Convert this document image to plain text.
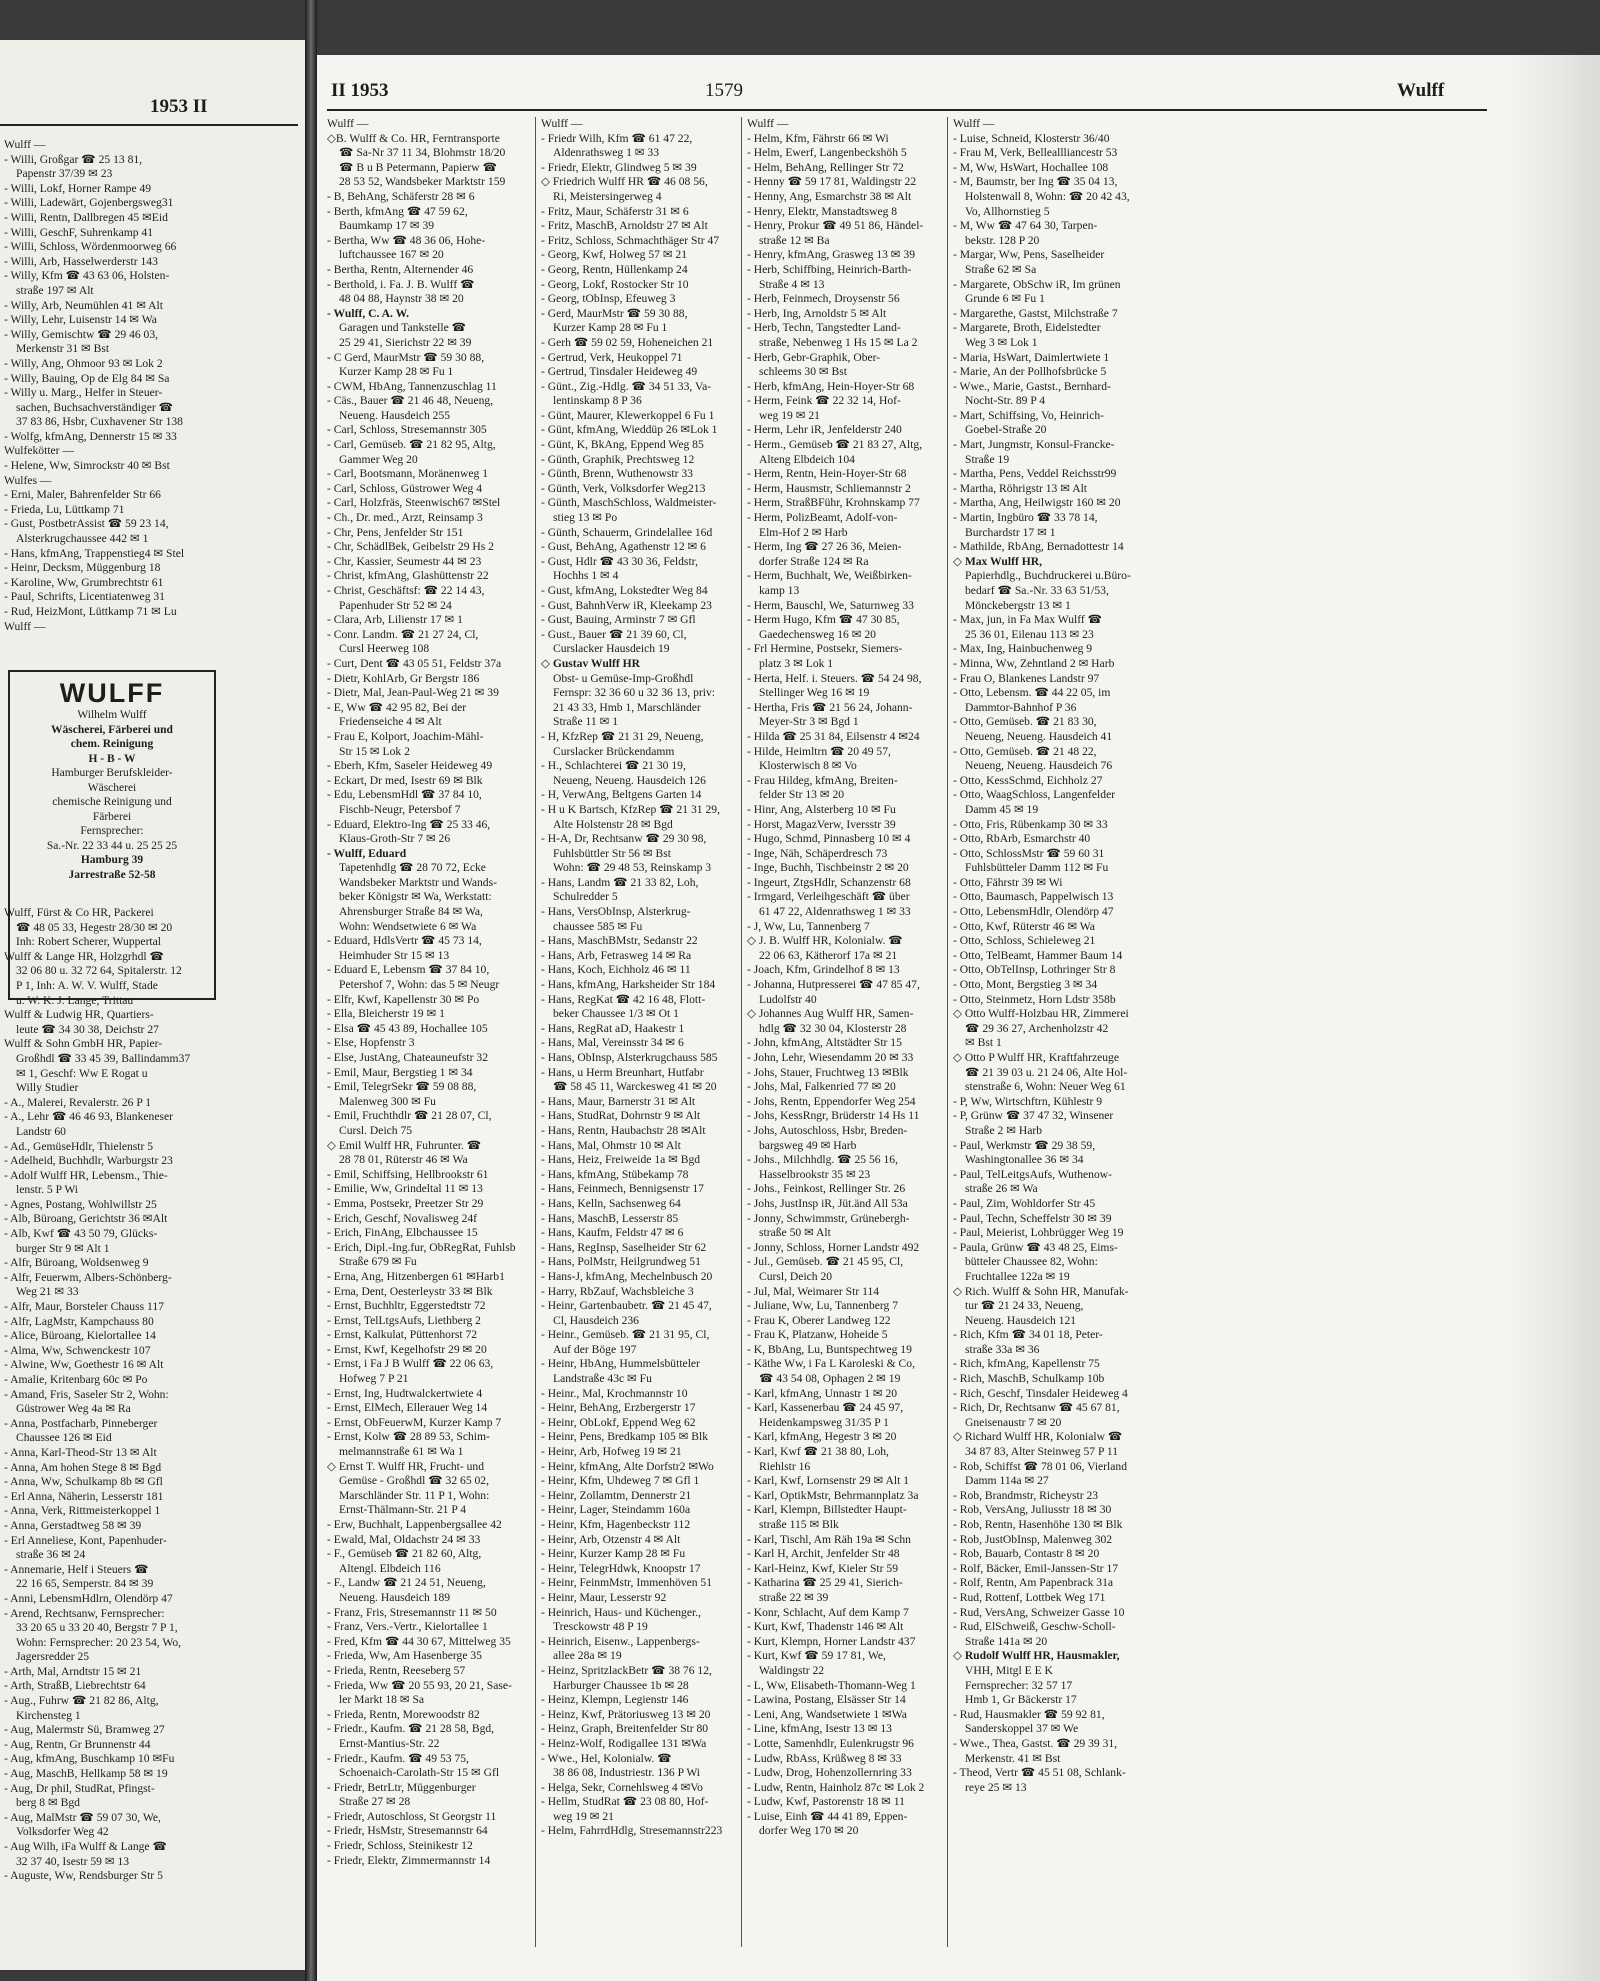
1953 II
Wulff —
- Willi, Großgar ☎ 25 13 81,
Papenstr 37/39 ✉ 23
- Willi, Lokf, Horner Rampe 49
- Willi, Ladewärt, Gojenbergsweg31
- Willi, Rentn, Dallbregen 45 ✉Eid
- Willi, GeschF, Suhrenkamp 41
- Willi, Schloss, Wördenmoorweg 66
- Willi, Arb, Hasselwerderstr 143
- Willy, Kfm ☎ 43 63 06, Holsten-
straße 197 ✉ Alt
- Willy, Arb, Neumühlen 41 ✉ Alt
- Willy, Lehr, Luisenstr 14 ✉ Wa
- Willy, Gemischtw ☎ 29 46 03,
Merkenstr 31 ✉ Bst
- Willy, Ang, Ohmoor 93 ✉ Lok 2
- Willy, Bauing, Op de Elg 84 ✉ Sa
- Willy u. Marg., Helfer in Steuer-
sachen, Buchsachverständiger ☎
37 83 86, Hsbr, Cuxhavener Str 138
- Wolfg, kfmAng, Dennerstr 15 ✉ 33
Wulfekötter —
- Helene, Ww, Simrockstr 40 ✉ Bst
Wulfes —
- Erni, Maler, Bahrenfelder Str 66
- Frieda, Lu, Lüttkamp 71
- Gust, PostbetrAssist ☎ 59 23 14,
Alsterkrugchaussee 442 ✉ 1
- Hans, kfmAng, Trappenstieg4 ✉ Stel
- Heinr, Decksm, Müggenburg 18
- Karoline, Ww, Grumbrechtstr 61
- Paul, Schrifts, Licentiatenweg 31
- Rud, HeizMont, Lüttkamp 71 ✉ Lu
Wulff —
WULFF
Wilhelm Wulff
Wäscherei, Färberei und
chem. Reinigung
H - B - W
Hamburger Berufskleider-
Wäscherei
chemische Reinigung und
Färberei
Fernsprecher:
Sa.-Nr. 22 33 44 u. 25 25 25
Hamburg 39
Jarrestraße 52-58
Wulff, Fürst & Co HR, Packerei
☎ 48 05 33, Hegestr 28/30 ✉ 20
Inh: Robert Scherer, Wuppertal
Wulff & Lange HR, Holzgrhdl ☎
32 06 80 u. 32 72 64, Spitalerstr. 12
P 1, Inh: A. W. V. Wulff, Stade
u. W. K. J. Lange, Trittau
Wulff & Ludwig HR, Quartiers-
leute ☎ 34 30 38, Deichstr 27
Wulff & Sohn GmbH HR, Papier-
Großhdl ☎ 33 45 39, Ballindamm37
✉ 1, Geschf: Ww E Rogat u
Willy Studier
- A., Malerei, Revalerstr. 26 P 1
- A., Lehr ☎ 46 46 93, Blankeneser
Landstr 60
- Ad., GemüseHdlr, Thielenstr 5
- Adelheid, Buchhdlr, Warburgstr 23
- Adolf Wulff HR, Lebensm., Thie-
lenstr. 5 P Wi
- Agnes, Postang, Wohlwillstr 25
- Alb, Büroang, Gerichtstr 36 ✉Alt
- Alb, Kwf ☎ 43 50 79, Glücks-
burger Str 9 ✉ Alt 1
- Alfr, Büroang, Woldsenweg 9
- Alfr, Feuerwm, Albers-Schönberg-
Weg 21 ✉ 33
- Alfr, Maur, Borsteler Chauss 117
- Alfr, LagMstr, Kampchauss 80
- Alice, Büroang, Kielortallee 14
- Alma, Ww, Schwenckestr 107
- Alwine, Ww, Goethestr 16 ✉ Alt
- Amalie, Kritenbarg 60c ✉ Po
- Amand, Fris, Saseler Str 2, Wohn:
Güstrower Weg 4a ✉ Ra
- Anna, Postfacharb, Pinneberger
Chaussee 126 ✉ Eid
- Anna, Karl-Theod-Str 13 ✉ Alt
- Anna, Am hohen Stege 8 ✉ Bgd
- Anna, Ww, Schulkamp 8b ✉ Gfl
- Erl Anna, Näherin, Lesserstr 181
- Anna, Verk, Rittmeisterkoppel 1
- Anna, Gerstadtweg 58 ✉ 39
- Erl Anneliese, Kont, Papenhuder-
straße 36 ✉ 24
- Annemarie, Helf i Steuers ☎
22 16 65, Semperstr. 84 ✉ 39
- Anni, LebensmHdlrn, Olendörp 47
- Arend, Rechtsanw, Fernsprecher:
33 20 65 u 33 20 40, Bergstr 7 P 1,
Wohn: Fernsprecher: 20 23 54, Wo,
Jagersredder 25
- Arth, Mal, Arndtstr 15 ✉ 21
- Arth, StraßB, Liebrechtstr 64
- Aug., Fuhrw ☎ 21 82 86, Altg,
Kirchensteg 1
- Aug, Malermstr Sü, Bramweg 27
- Aug, Rentn, Gr Brunnenstr 44
- Aug, kfmAng, Buschkamp 10 ✉Fu
- Aug, MaschB, Hellkamp 58 ✉ 19
- Aug, Dr phil, StudRat, Pfingst-
berg 8 ✉ Bgd
- Aug, MalMstr ☎ 59 07 30, We,
Volksdorfer Weg 42
- Aug Wilh, iFa Wulff & Lange ☎
32 37 40, Isestr 59 ✉ 13
- Auguste, Ww, Rendsburger Str 5
II 1953	1579	Wulff
Wulff —
◇B. Wulff & Co. HR, Ferntransporte
☎ Sa-Nr 37 11 34, Blohmstr 18/20
☎ B u B Petermann, Papierw ☎
28 53 52, Wandsbeker Marktstr 159
- B, BehAng, Schäferstr 28 ✉ 6
- Berth, kfmAng ☎ 47 59 62,
Baumkamp 17 ✉ 39
- Bertha, Ww ☎ 48 36 06, Hohe-
luftchaussee 167 ✉ 20
- Bertha, Rentn, Alternender 46
- Berthold, i. Fa. J. B. Wulff ☎
48 04 88, Haynstr 38 ✉ 20
- Wulff, C. A. W.
Garagen und Tankstelle ☎
25 29 41, Sierichstr 22 ✉ 39
- C Gerd, MaurMstr ☎ 59 30 88,
Kurzer Kamp 28 ✉ Fu 1
- CWM, HbAng, Tannenzuschlag 11
- Cäs., Bauer ☎ 21 46 48, Neueng,
Neueng. Hausdeich 255
- Carl, Schloss, Stresemannstr 305
- Carl, Gemüseb. ☎ 21 82 95, Altg,
Gammer Weg 20
- Carl, Bootsmann, Moränenweg 1
- Carl, Schloss, Güstrower Weg 4
- Carl, Holzfräs, Steenwisch67 ✉Stel
- Ch., Dr. med., Arzt, Reinsamp 3
- Chr, Pens, Jenfelder Str 151
- Chr, SchädlBek, Geibelstr 29 Hs 2
- Chr, Kassier, Seumestr 44 ✉ 23
- Christ, kfmAng, Glashüttenstr 22
- Christ, Geschäftsf: ☎ 22 14 43,
Papenhuder Str 52 ✉ 24
- Clara, Arb, Lilienstr 17 ✉ 1
- Conr. Landm. ☎ 21 27 24, Cl,
Cursl Heerweg 108
- Curt, Dent ☎ 43 05 51, Feldstr 37a
- Dietr, KohlArb, Gr Bergstr 186
- Dietr, Mal, Jean-Paul-Weg 21 ✉ 39
- E, Ww ☎ 42 95 82, Bei der
Friedenseiche 4 ✉ Alt
- Frau E, Kolport, Joachim-Mähl-
Str 15 ✉ Lok 2
- Eberh, Kfm, Saseler Heideweg 49
- Eckart, Dr med, Isestr 69 ✉ Blk
- Edu, LebensmHdl ☎ 37 84 10,
Fischb-Neugr, Petersbof 7
- Eduard, Elektro-Ing ☎ 25 33 46,
Klaus-Groth-Str 7 ✉ 26
- Wulff, Eduard
Tapetenhdlg ☎ 28 70 72, Ecke
Wandsbeker Marktstr und Wands-
beker Königstr ✉ Wa, Werkstatt:
Ahrensburger Straße 84 ✉ Wa,
Wohn: Wendsetwiete 6 ✉ Wa
- Eduard, HdlsVertr ☎ 45 73 14,
Heimhuder Str 15 ✉ 13
- Eduard E, Lebensm ☎ 37 84 10,
Petershof 7, Wohn: das 5 ✉ Neugr
- Elfr, Kwf, Kapellenstr 30 ✉ Po
- Ella, Bleicherstr 19 ✉ 1
- Elsa ☎ 45 43 89, Hochallee 105
- Else, Hopfenstr 3
- Else, JustAng, Chateauneufstr 32
- Emil, Maur, Bergstieg 1 ✉ 34
- Emil, TelegrSekr ☎ 59 08 88,
Malenweg 300 ✉ Fu
- Emil, Fruchthdlr ☎ 21 28 07, Cl,
Cursl. Deich 75
◇ Emil Wulff HR, Fuhrunter. ☎
28 78 01, Rüterstr 46 ✉ Wa
- Emil, Schiffsing, Hellbrookstr 61
- Emilie, Ww, Grindeltal 11 ✉ 13
- Emma, Postsekr, Preetzer Str 29
- Erich, Geschf, Novalisweg 24f
- Erich, FinAng, Elbchaussee 15
- Erich, Dipl.-Ing.fur, ObRegRat, Fuhlsb
Straße 679 ✉ Fu
- Erna, Ang, Hitzenbergen 61 ✉Harb1
- Erna, Dent, Oesterleystr 33 ✉ Blk
- Ernst, Buchhltr, Eggerstedtstr 72
- Ernst, TelLtgsAufs, Liethberg 2
- Ernst, Kalkulat, Püttenhorst 72
- Ernst, Kwf, Kegelhofstr 29 ✉ 20
- Ernst, i Fa J B Wulff ☎ 22 06 63,
Hofweg 7 P 21
- Ernst, Ing, Hudtwalckertwiete 4
- Ernst, ElMech, Ellerauer Weg 14
- Ernst, ObFeuerwM, Kurzer Kamp 7
- Ernst, Kolw ☎ 28 89 53, Schim-
melmannstraße 61 ✉ Wa 1
◇ Ernst T. Wulff HR, Frucht- und
Gemüse - Großhdl ☎ 32 65 02,
Marschländer Str. 11 P 1, Wohn:
Ernst-Thälmann-Str. 21 P 4
- Erw, Buchhalt, Lappenbergsallee 42
- Ewald, Mal, Oldachstr 24 ✉ 33
- F., Gemüseb ☎ 21 82 60, Altg,
Altengl. Elbdeich 116
- F., Landw ☎ 21 24 51, Neueng,
Neueng. Hausdeich 189
- Franz, Fris, Stresemannstr 11 ✉ 50
- Franz, Vers.-Vertr., Kielortallee 1
- Fred, Kfm ☎ 44 30 67, Mittelweg 35
- Frieda, Ww, Am Hasenberge 35
- Frieda, Rentn, Reeseberg 57
- Frieda, Ww ☎ 20 55 93, 20 21, Sase-
ler Markt 18 ✉ Sa
- Frieda, Rentn, Morewoodstr 82
- Friedr., Kaufm. ☎ 21 28 58, Bgd,
Ernst-Mantius-Str. 22
- Friedr., Kaufm. ☎ 49 53 75,
Schoenaich-Carolath-Str 15 ✉ Gfl
- Friedr, BetrLtr, Müggenburger
Straße 27 ✉ 28
- Friedr, Autoschloss, St Georgstr 11
- Friedr, HsMstr, Stresemannstr 64
- Friedr, Schloss, Steinikestr 12
- Friedr, Elektr, Zimmermannstr 14
Wulff —
- Friedr Wilh, Kfm ☎ 61 47 22,
Aldenrathsweg 1 ✉ 33
- Friedr, Elektr, Glindweg 5 ✉ 39
◇ Friedrich Wulff HR ☎ 46 08 56,
Ri, Meistersingerweg 4
- Fritz, Maur, Schäferstr 31 ✉ 6
- Fritz, MaschB, Arnoldstr 27 ✉ Alt
- Fritz, Schloss, Schmachthäger Str 47
- Georg, Kwf, Holweg 57 ✉ 21
- Georg, Rentn, Hüllenkamp 24
- Georg, Lokf, Rostocker Str 10
- Georg, tObInsp, Efeuweg 3
- Gerd, MaurMstr ☎ 59 30 88,
Kurzer Kamp 28 ✉ Fu 1
- Gerh ☎ 59 02 59, Hoheneichen 21
- Gertrud, Verk, Heukoppel 71
- Gertrud, Tinsdaler Heideweg 49
- Günt., Zig.-Hdlg. ☎ 34 51 33, Va-
lentinskamp 8 P 36
- Günt, Maurer, Klewerkoppel 6 Fu 1
- Günt, kfmAng, Wieddüp 26 ✉Lok 1
- Günt, K, BkAng, Eppend Weg 85
- Günth, Graphik, Prechtsweg 12
- Günth, Brenn, Wuthenowstr 33
- Günth, Verk, Volksdorfer Weg213
- Günth, MaschSchloss, Waldmeister-
stieg 13 ✉ Po
- Günth, Schauerm, Grindelallee 16d
- Gust, BehAng, Agathenstr 12 ✉ 6
- Gust, Hdlr ☎ 43 30 36, Feldstr,
Hochhs 1 ✉ 4
- Gust, kfmAng, Lokstedter Weg 84
- Gust, BahnhVerw iR, Kleekamp 23
- Gust, Bauing, Arminstr 7 ✉ Gfl
- Gust., Bauer ☎ 21 39 60, Cl,
Curslacker Hausdeich 19
◇ Gustav Wulff HR
Obst- u Gemüse-Imp-Großhdl
Fernspr: 32 36 60 u 32 36 13, priv:
21 43 33, Hmb 1, Marschländer
Straße 11 ✉ 1
- H, KfzRep ☎ 21 31 29, Neueng,
Curslacker Brückendamm
- H., Schlachterei ☎ 21 30 19,
Neueng, Neueng. Hausdeich 126
- H, VerwAng, Beltgens Garten 14
- H u K Bartsch, KfzRep ☎ 21 31 29,
Alte Holstenstr 28 ✉ Bgd
- H-A, Dr, Rechtsanw ☎ 29 30 98,
Fuhlsbüttler Str 56 ✉ Bst
Wohn: ☎ 29 48 53, Reinskamp 3
- Hans, Landm ☎ 21 33 82, Loh,
Schulredder 5
- Hans, VersObInsp, Alsterkrug-
chaussee 585 ✉ Fu
- Hans, MaschBMstr, Sedanstr 22
- Hans, Arb, Fetrasweg 14 ✉ Ra
- Hans, Koch, Eichholz 46 ✉ 11
- Hans, kfmAng, Harksheider Str 184
- Hans, RegKat ☎ 42 16 48, Flott-
beker Chaussee 1/3 ✉ Ot 1
- Hans, RegRat aD, Haakestr 1
- Hans, Mal, Vereinsstr 34 ✉ 6
- Hans, ObInsp, Alsterkrugchauss 585
- Hans, u Herm Breunhart, Hutfabr
☎ 58 45 11, Warckesweg 41 ✉ 20
- Hans, Maur, Barnerstr 31 ✉ Alt
- Hans, StudRat, Dohrnstr 9 ✉ Alt
- Hans, Rentn, Haubachstr 28 ✉Alt
- Hans, Mal, Ohmstr 10 ✉ Alt
- Hans, Heiz, Freiweide 1a ✉ Bgd
- Hans, kfmAng, Stübekamp 78
- Hans, Feinmech, Bennigsenstr 17
- Hans, Kelln, Sachsenweg 64
- Hans, MaschB, Lesserstr 85
- Hans, Kaufm, Feldstr 47 ✉ 6
- Hans, RegInsp, Saselheider Str 62
- Hans, PolMstr, Heilgrundweg 51
- Hans-J, kfmAng, Mechelnbusch 20
- Harry, RbZauf, Wachsbleiche 3
- Heinr, Gartenbaubetr. ☎ 21 45 47,
Cl, Hausdeich 236
- Heinr., Gemüseb. ☎ 21 31 95, Cl,
Auf der Böge 197
- Heinr, HbAng, Hummelsbütteler
Landstraße 43c ✉ Fu
- Heinr., Mal, Krochmannstr 10
- Heinr, BehAng, Erzbergerstr 17
- Heinr, ObLokf, Eppend Weg 62
- Heinr, Pens, Bredkamp 105 ✉ Blk
- Heinr, Arb, Hofweg 19 ✉ 21
- Heinr, kfmAng, Alte Dorfstr2 ✉Wo
- Heinr, Kfm, Uhdeweg 7 ✉ Gfl 1
- Heinr, Zollamtm, Dennerstr 21
- Heinr, Lager, Steindamm 160a
- Heinr, Kfm, Hagenbeckstr 112
- Heinr, Arb, Otzenstr 4 ✉ Alt
- Heinr, Kurzer Kamp 28 ✉ Fu
- Heinr, TelegrHdwk, Knoopstr 17
- Heinr, FeinmMstr, Immenhöven 51
- Heinr, Maur, Lesserstr 92
- Heinrich, Haus- und Küchenger.,
Tresckowstr 48 P 19
- Heinrich, Eisenw., Lappenbergs-
allee 28a ✉ 19
- Heinz, SpritzlackBetr ☎ 38 76 12,
Harburger Chaussee 1b ✉ 28
- Heinz, Klempn, Legienstr 146
- Heinz, Kwf, Prätoriusweg 13 ✉ 20
- Heinz, Graph, Breitenfelder Str 80
- Heinz-Wolf, Rodigallee 131 ✉Wa
- Wwe., Hel, Kolonialw. ☎
38 86 08, Industriestr. 136 P Wi
- Helga, Sekr, Cornehlsweg 4 ✉Vo
- Hellm, StudRat ☎ 23 08 80, Hof-
weg 19 ✉ 21
- Helm, FahrrdHdlg, Stresemannstr223
Wulff —
- Helm, Kfm, Fährstr 66 ✉ Wi
- Helm, Ewerf, Langenbeckshöh 5
- Helm, BehAng, Rellinger Str 72
- Henny ☎ 59 17 81, Waldingstr 22
- Henny, Ang, Esmarchstr 38 ✉ Alt
- Henry, Elektr, Manstadtsweg 8
- Henry, Prokur ☎ 49 51 86, Händel-
straße 12 ✉ Ba
- Henry, kfmAng, Grasweg 13 ✉ 39
- Herb, Schiffbing, Heinrich-Barth-
Straße 4 ✉ 13
- Herb, Feinmech, Droysenstr 56
- Herb, Ing, Arnoldstr 5 ✉ Alt
- Herb, Techn, Tangstedter Land-
straße, Nebenweg 1 Hs 15 ✉ La 2
- Herb, Gebr-Graphik, Ober-
schleems 30 ✉ Bst
- Herb, kfmAng, Hein-Hoyer-Str 68
- Herm, Feink ☎ 22 32 14, Hof-
weg 19 ✉ 21
- Herm, Lehr iR, Jenfelderstr 240
- Herm., Gemüseb ☎ 21 83 27, Altg,
Alteng Elbdeich 104
- Herm, Rentn, Hein-Hoyer-Str 68
- Herm, Hausmstr, Schliemannstr 2
- Herm, StraßBFühr, Krohnskamp 77
- Herm, PolizBeamt, Adolf-von-
Elm-Hof 2 ✉ Harb
- Herm, Ing ☎ 27 26 36, Meien-
dorfer Straße 124 ✉ Ra
- Herm, Buchhalt, We, Weißbirken-
kamp 13
- Herm, Bauschl, We, Saturnweg 33
- Herm Hugo, Kfm ☎ 47 30 85,
Gaedechensweg 16 ✉ 20
- Frl Hermine, Postsekr, Siemers-
platz 3 ✉ Lok 1
- Herta, Helf. i. Steuers. ☎ 54 24 98,
Stellinger Weg 16 ✉ 19
- Hertha, Fris ☎ 21 56 24, Johann-
Meyer-Str 3 ✉ Bgd 1
- Hilda ☎ 25 31 84, Eilsenstr 4 ✉24
- Hilde, Heimltrn ☎ 20 49 57,
Klosterwisch 8 ✉ Vo
- Frau Hildeg, kfmAng, Breiten-
felder Str 13 ✉ 20
- Hinr, Ang, Alsterberg 10 ✉ Fu
- Horst, MagazVerw, Iversstr 39
- Hugo, Schmd, Pinnasberg 10 ✉ 4
- Inge, Näh, Schäperdresch 73
- Inge, Buchh, Tischbeinstr 2 ✉ 20
- Ingeurt, ZtgsHdlr, Schanzenstr 68
- Irmgard, Verleihgeschäft ☎ über
61 47 22, Aldenrathsweg 1 ✉ 33
- J, Ww, Lu, Tannenberg 7
◇ J. B. Wulff HR, Kolonialw. ☎
22 06 63, Kätherorf 17a ✉ 21
- Joach, Kfm, Grindelhof 8 ✉ 13
- Johanna, Hutpresserei ☎ 47 85 47,
Ludolfstr 40
◇ Johannes Aug Wulff HR, Samen-
hdlg ☎ 32 30 04, Klosterstr 28
- John, kfmAng, Altstädter Str 15
- John, Lehr, Wiesendamm 20 ✉ 33
- Johs, Stauer, Fruchtweg 13 ✉Blk
- Johs, Mal, Falkenried 77 ✉ 20
- Johs, Rentn, Eppendorfer Weg 254
- Johs, KessRngr, Brüderstr 14 Hs 11
- Johs, Autoschloss, Hsbr, Breden-
bargsweg 49 ✉ Harb
- Johs., Milchhdlg. ☎ 25 56 16,
Hasselbrookstr 35 ✉ 23
- Johs., Feinkost, Rellinger Str. 26
- Johs, JustInsp iR, Jüt.änd All 53a
- Jonny, Schwimmstr, Grünebergh-
straße 50 ✉ Alt
- Jonny, Schloss, Horner Landstr 492
- Jul., Gemüseb. ☎ 21 45 95, Cl,
Cursl, Deich 20
- Jul, Mal, Weimarer Str 114
- Juliane, Ww, Lu, Tannenberg 7
- Frau K, Oberer Landweg 122
- Frau K, Platzanw, Hoheide 5
- K, BbAng, Lu, Buntspechtweg 19
- Käthe Ww, i Fa L Karoleski & Co,
☎ 43 54 08, Ophagen 2 ✉ 19
- Karl, kfmAng, Unnastr 1 ✉ 20
- Karl, Kassenerbau ☎ 24 45 97,
Heidenkampsweg 31/35 P 1
- Karl, kfmAng, Hegestr 3 ✉ 20
- Karl, Kwf ☎ 21 38 80, Loh,
Riehlstr 16
- Karl, Kwf, Lornsenstr 29 ✉ Alt 1
- Karl, OptikMstr, Behrmannplatz 3a
- Karl, Klempn, Billstedter Haupt-
straße 115 ✉ Blk
- Karl, Tischl, Am Räh 19a ✉ Schn
- Karl H, Archit, Jenfelder Str 48
- Karl-Heinz, Kwf, Kieler Str 59
- Katharina ☎ 25 29 41, Sierich-
straße 22 ✉ 39
- Konr, Schlacht, Auf dem Kamp 7
- Kurt, Kwf, Thadenstr 146 ✉ Alt
- Kurt, Klempn, Horner Landstr 437
- Kurt, Kwf ☎ 59 17 81, We,
Waldingstr 22
- L, Ww, Elisabeth-Thomann-Weg 1
- Lawina, Postang, Elsässer Str 14
- Leni, Ang, Wandsetwiete 1 ✉Wa
- Line, kfmAng, Isestr 13 ✉ 13
- Lotte, Samenhdlr, Eulenkrugstr 96
- Ludw, RbAss, Krüßweg 8 ✉ 33
- Ludw, Drog, Hohenzollernring 33
- Ludw, Rentn, Hainholz 87c ✉ Lok 2
- Ludw, Kwf, Pastorenstr 18 ✉ 11
- Luise, Einh ☎ 44 41 89, Eppen-
dorfer Weg 170 ✉ 20
Wulff —
- Luise, Schneid, Klosterstr 36/40
- Frau M, Verk, Belleallliancestr 53
- M, Ww, HsWart, Hochallee 108
- M, Baumstr, ber Ing ☎ 35 04 13,
Holstenwall 8, Wohn: ☎ 20 42 43,
Vo, Allhornstieg 5
- M, Ww ☎ 47 64 30, Tarpen-
bekstr. 128 P 20
- Margar, Ww, Pens, Saselheider
Straße 62 ✉ Sa
- Margarete, ObSchw iR, Im grünen
Grunde 6 ✉ Fu 1
- Margarethe, Gastst, Milchstraße 7
- Margarete, Broth, Eidelstedter
Weg 3 ✉ Lok 1
- Maria, HsWart, Daimlertwiete 1
- Marie, An der Pollhofsbrücke 5
- Wwe., Marie, Gastst., Bernhard-
Nocht-Str. 89 P 4
- Mart, Schiffsing, Vo, Heinrich-
Goebel-Straße 20
- Mart, Jungmstr, Konsul-Francke-
Straße 19
- Martha, Pens, Veddel Reichsstr99
- Martha, Röhrigstr 13 ✉ Alt
- Martha, Ang, Heilwigstr 160 ✉ 20
- Martin, Ingbüro ☎ 33 78 14,
Burchardstr 17 ✉ 1
- Mathilde, RbAng, Bernadottestr 14
◇ Max Wulff HR,
Papierhdlg., Buchdruckerei u.Büro-
bedarf ☎ Sa.-Nr. 33 63 51/53,
Mönckebergstr 13 ✉ 1
- Max, jun, in Fa Max Wulff ☎
25 36 01, Eilenau 113 ✉ 23
- Max, Ing, Hainbuchenweg 9
- Minna, Ww, Zehntland 2 ✉ Harb
- Frau O, Blankenes Landstr 97
- Otto, Lebensm. ☎ 44 22 05, im
Dammtor-Bahnhof P 36
- Otto, Gemüseb. ☎ 21 83 30,
Neueng, Neueng. Hausdeich 41
- Otto, Gemüseb. ☎ 21 48 22,
Neueng, Neueng. Hausdeich 76
- Otto, KessSchmd, Eichholz 27
- Otto, WaagSchloss, Langenfelder
Damm 45 ✉ 19
- Otto, Fris, Rübenkamp 30 ✉ 33
- Otto, RbArb, Esmarchstr 40
- Otto, SchlossMstr ☎ 59 60 31
Fuhlsbütteler Damm 112 ✉ Fu
- Otto, Fährstr 39 ✉ Wi
- Otto, Baumasch, Pappelwisch 13
- Otto, LebensmHdlr, Olendörp 47
- Otto, Kwf, Rüterstr 46 ✉ Wa
- Otto, Schloss, Schieleweg 21
- Otto, TelBeamt, Hammer Baum 14
- Otto, ObTelInsp, Lothringer Str 8
- Otto, Mont, Bergstieg 3 ✉ 34
- Otto, Steinmetz, Horn Ldstr 358b
◇ Otto Wulff-Holzbau HR, Zimmerei
☎ 29 36 27, Archenholzstr 42
✉ Bst 1
◇ Otto P Wulff HR, Kraftfahrzeuge
☎ 21 39 03 u. 21 24 06, Alte Hol-
stenstraße 6, Wohn: Neuer Weg 61
- P, Ww, Wirtschftrn, Kühlestr 9
- P, Grünw ☎ 37 47 32, Winsener
Straße 2 ✉ Harb
- Paul, Werkmstr ☎ 29 38 59,
Washingtonallee 36 ✉ 34
- Paul, TelLeitgsAufs, Wuthenow-
straße 26 ✉ Wa
- Paul, Zim, Wohldorfer Str 45
- Paul, Techn, Scheffelstr 30 ✉ 39
- Paul, Meierist, Lohbrügger Weg 19
- Paula, Grünw ☎ 43 48 25, Eims-
bütteler Chaussee 82, Wohn:
Fruchtallee 122a ✉ 19
◇ Rich. Wulff & Sohn HR, Manufak-
tur ☎ 21 24 33, Neueng,
Neueng. Hausdeich 121
- Rich, Kfm ☎ 34 01 18, Peter-
straße 33a ✉ 36
- Rich, kfmAng, Kapellenstr 75
- Rich, MaschB, Schulkamp 10b
- Rich, Geschf, Tinsdaler Heideweg 4
- Rich, Dr, Rechtsanw ☎ 45 67 81,
Gneisenaustr 7 ✉ 20
◇ Richard Wulff HR, Kolonialw ☎
34 87 83, Alter Steinweg 57 P 11
- Rob, Schiffst ☎ 78 01 06, Vierland
Damm 114a ✉ 27
- Rob, Brandmstr, Richeystr 23
- Rob, VersAng, Juliusstr 18 ✉ 30
- Rob, Rentn, Hasenhöhe 130 ✉ Blk
- Rob, JustObInsp, Malenweg 302
- Rob, Bauarb, Contastr 8 ✉ 20
- Rolf, Bäcker, Emil-Janssen-Str 17
- Rolf, Rentn, Am Papenbrack 31a
- Rud, Rottenf, Lottbek Weg 171
- Rud, VersAng, Schweizer Gasse 10
- Rud, ElSchweiß, Geschw-Scholl-
Straße 141a ✉ 20
◇ Rudolf Wulff HR, Hausmakler,
VHH, Mitgl E E K
Fernsprecher: 32 57 17
Hmb 1, Gr Bäckerstr 17
- Rud, Hausmakler ☎ 59 92 81,
Sanderskoppel 37 ✉ We
- Wwe., Thea, Gastst. ☎ 29 39 31,
Merkenstr. 41 ✉ Bst
- Theod, Vertr ☎ 45 51 08, Schlank-
reye 25 ✉ 13
